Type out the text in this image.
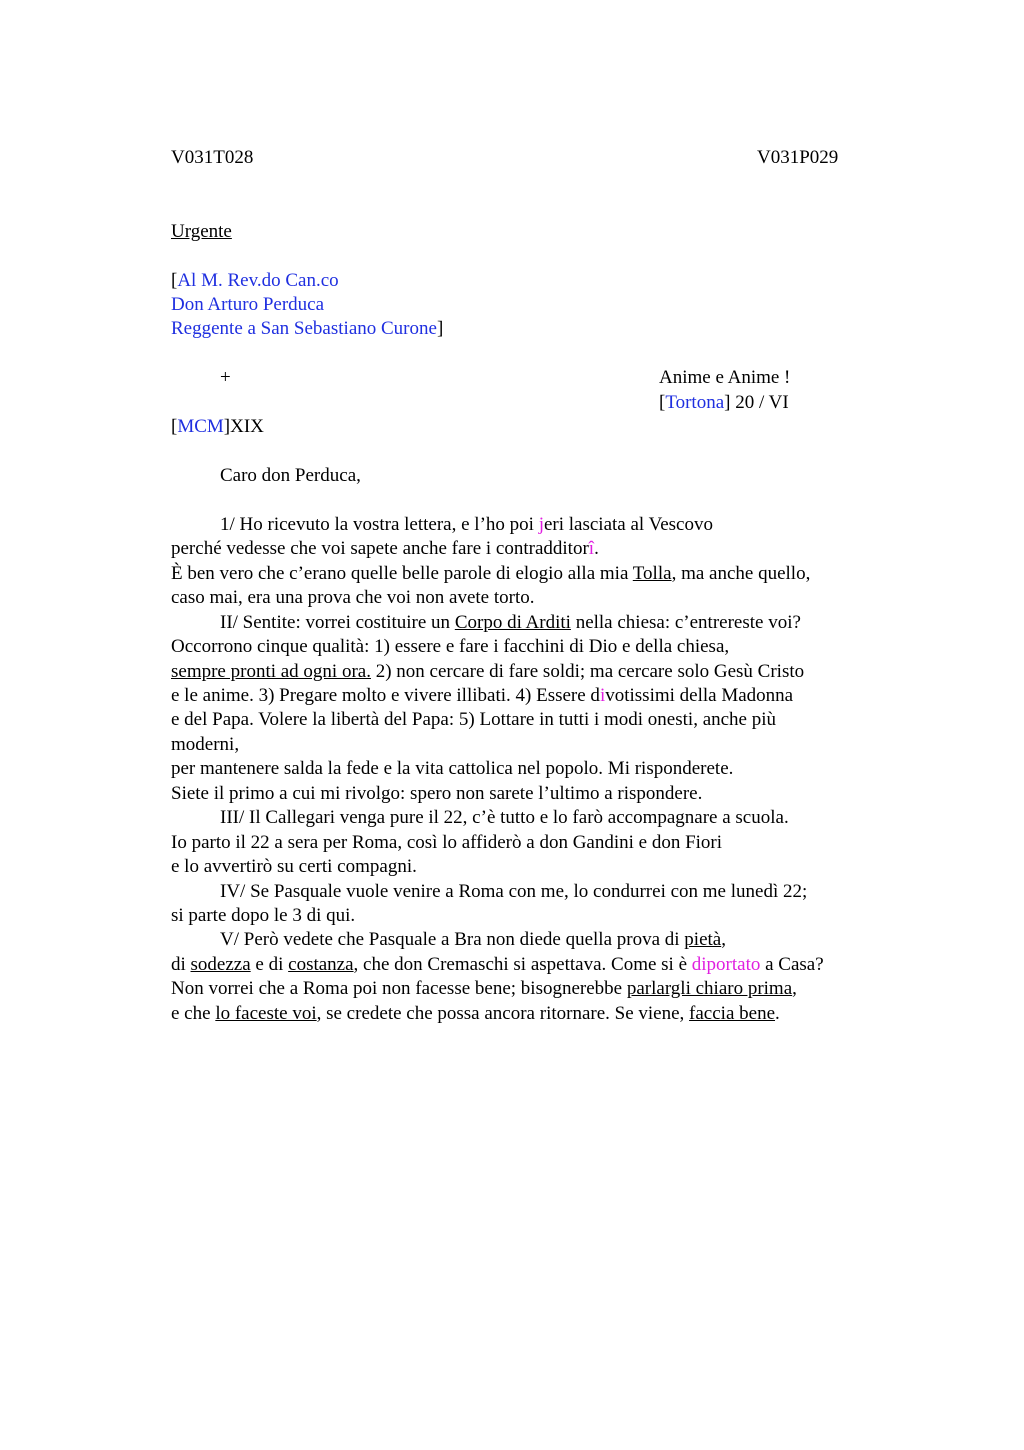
V031T028	V031P029
Urgente
[Al M. Rev.do Can.co
Don Arturo Perduca
Reggente a San Sebastiano Curone]
+	Anime e Anime !
[Tortona] 20 / VI
[MCM]XIX
Caro don Perduca,
1/ Ho ricevuto la vostra lettera, e l’ho poi jeri lasciata al Vescovo
perché vedesse che voi sapete anche fare i contradditorî.
È ben vero che c’erano quelle belle parole di elogio alla mia Tolla, ma anche quello,
caso mai, era una prova che voi non avete torto.
II/ Sentite: vorrei costituire un Corpo di Arditi nella chiesa: c’entrereste voi?
Occorrono cinque qualità: 1) essere e fare i facchini di Dio e della chiesa,
sempre pronti ad ogni ora. 2) non cercare di fare soldi; ma cercare solo Gesù Cristo
e le anime. 3) Pregare molto e vivere illibati. 4) Essere divotissimi della Madonna
e del Papa. Volere la libertà del Papa: 5) Lottare in tutti i modi onesti, anche più
moderni,
per mantenere salda la fede e la vita cattolica nel popolo. Mi risponderete.
Siete il primo a cui mi rivolgo: spero non sarete l’ultimo a rispondere.
III/ Il Callegari venga pure il 22, c’è tutto e lo farò accompagnare a scuola.
Io parto il 22 a sera per Roma, così lo affiderò a don Gandini e don Fiori
e lo avvertirò su certi compagni.
IV/ Se Pasquale vuole venire a Roma con me, lo condurrei con me lunedì 22;
si parte dopo le 3 di qui.
V/ Però vedete che Pasquale a Bra non diede quella prova di pietà,
di sodezza e di costanza, che don Cremaschi si aspettava. Come si è diportato a Casa?
Non vorrei che a Roma poi non facesse bene; bisognerebbe parlargli chiaro prima,
e che lo faceste voi, se credete che possa ancora ritornare. Se viene, faccia bene.
